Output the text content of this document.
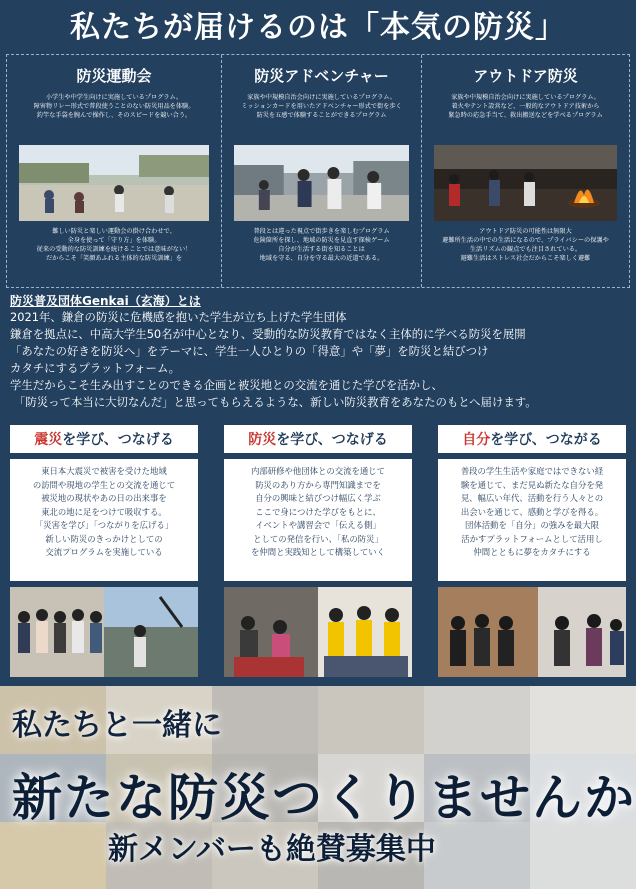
私たちが届けるのは「本気の防災」
防災運動会
小学生や中学生向けに実施しているプログラム。
障害物リレー形式で普段使うことのない防災用品を体験。
釣竿な手袋を腕んで操作し、そのスピードを競い合う。
難しい防災と楽しい運動会の掛け合わせで、
全身を使って「守り方」を体験。
従来の受動的な防災訓練を続けることでは意味がない！
だからこそ「笑顔あふれる主体的な防災訓練」を
防災アドベンチャー
家族や中規模自治会向けに実施しているプログラム。
ミッションカードを用いたアドベンチャー形式で街を歩く
防災を五感で体験することができるプログラム
普段とは違った視点で街歩きを楽しむプログラム
危険箇所を探し、地域の防災を見直す探検ゲーム
自分が生活する街を知ることは
地域を守る、自分を守る最大の近道である。
アウトドア防災
家族や中規模自治会向けに実施しているプログラム。
着火やテント設営など、一般的なアウトドア技術から
緊急時の応急手当て、救出搬送などを学べるプログラム
アウトドア防災の可能性は無限大
避難所生活の中での生活になるので、プライバシーの保護や
生活リズムの観点でも注目されている。
避難生活はストレス社会だからこそ楽しく避難
防災普及団体Genkai（玄海）とは
2021年、鎌倉の防災に危機感を抱いた学生が立ち上げた学生団体
鎌倉を拠点に、中高大学生50名が中心となり、受動的な防災教育ではなく主体的に学べる防災を展開
「あなたの好きを防災へ」をテーマに、学生一人ひとりの「得意」や「夢」を防災と結びつけ
カタチにするプラットフォーム。
学生だからこそ生み出すことのできる企画と被災地との交流を通じた学びを活かし、
「防災って本当に大切なんだ」と思ってもらえるような、新しい防災教育をあなたのもとへ届けます。
震災 を学び、つなげる
東日本大震災で被害を受けた地域
の訪問や現地の学生との交流を通じて
被災地の現状やあの日の出来事を
東北の地に足をつけて吸収する。
「災害を学び」「つながりを広げる」
新しい防災のきっかけとしての
交流プログラムを実施している
防災 を学び、つなげる
内部研修や他団体との交流を通じて
防災のあり方から専門知識までを
自分の興味と結びつけ幅広く学ぶ
ここで身につけた学びをもとに、
イベントや講習会で「伝える側」
としての発信を行い、「私の防災」
を仲間と実践知として構築していく
自分 を学び、つながる
普段の学生生活や家庭ではできない経
験を通じて、まだ見ぬ新たな自分を発
見、幅広い年代、活動を行う人々との
出会いを通じて、感動と学びを得る。
団体活動を「自分」の強みを最大限
活かすプラットフォームとして活用し
仲間とともに夢をカタチにする
私たちと一緒に
新たな防災つくりませんか
新メンバーも絶賛募集中
